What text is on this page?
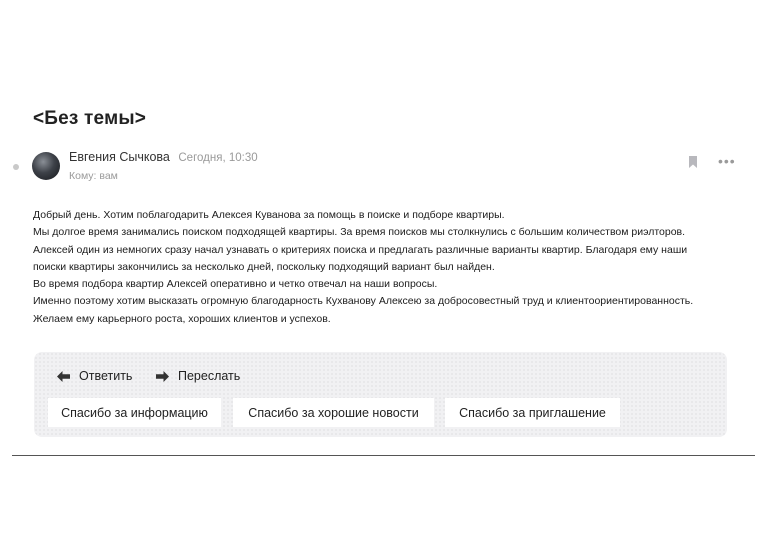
<Без темы>
Евгения Сычкова Сегодня, 10:30
Кому: вам
•••
Добрый день. Хотим поблагодарить Алексея Куванова за помощь в поиске и подборе квартиры.
Мы долгое время занимались поиском подходящей квартиры. За время поисков мы столкнулись с большим количеством риэлторов.
Алексей один из немногих сразу начал узнавать о критериях поиска и предлагать различные варианты квартир. Благодаря ему наши
поиски квартиры закончились за несколько дней, поскольку подходящий вариант был найден.
Во время подбора квартир Алексей оперативно и четко отвечал на наши вопросы.
Именно поэтому хотим высказать огромную благодарность Кухванову Алексею за добросовестный труд и клиентоориентированность.
Желаем ему карьерного роста, хороших клиентов и успехов.
Ответить	Переслать
Спасибо за информацию	Спасибо за хорошие новости	Спасибо за приглашение
